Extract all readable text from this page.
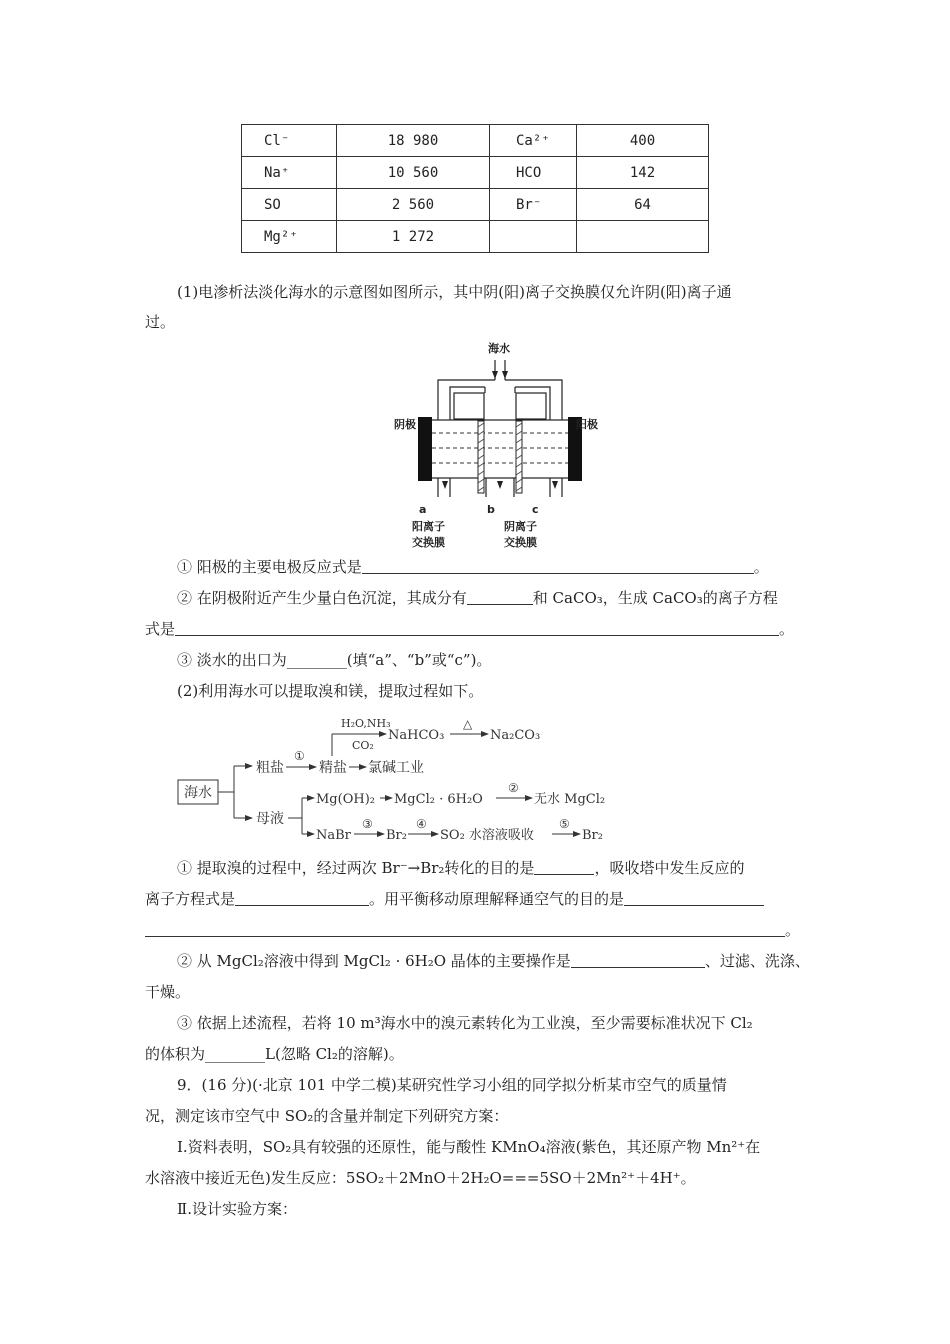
Cl⁻	18 980	Ca²⁺	400
Na⁺	10 560	HCO	142
SO	2 560	Br⁻	64
Mg²⁺	1 272		
(1)电渗析法淡化海水的示意图如图所示，其中阴(阳)离子交换膜仅允许阴(阳)离子通
过。
海水
阴极	阳极
a	b	c
阳离子
交换膜
阴离子
交换膜
① 阳极的主要电极反应式是	。
② 在阴极附近产生少量白色沉淀，其成分有	和 CaCO₃，生成 CaCO₃的离子方程
式是	。
③ 淡水的出口为________(填“a”、“b”或“c”)。
(2)利用海水可以提取溴和镁，提取过程如下。
海水
粗盐
①
精盐 氯碱工业
H₂O,NH₃
CO₂
NaHCO₃
△
Na₂CO₃
母液
Mg(OH)₂ MgCl₂ · 6H₂O
②
无水 MgCl₂
NaBr
③
Br₂
④
SO₂ 水溶液吸收
⑤
Br₂
① 提取溴的过程中，经过两次 Br⁻→Br₂转化的目的是	，吸收塔中发生反应的
离子方程式是	。用平衡移动原理解释通空气的目的是
。
② 从 MgCl₂溶液中得到 MgCl₂ · 6H₂O 晶体的主要操作是	、过滤、洗涤、
干燥。
③ 依据上述流程，若将 10 m³海水中的溴元素转化为工业溴，至少需要标准状况下 Cl₂
的体积为________L(忽略 Cl₂的溶解)。
9．(16 分)(·北京 101 中学二模)某研究性学习小组的同学拟分析某市空气的质量情
况，测定该市空气中 SO₂的含量并制定下列研究方案：
Ⅰ.资料表明，SO₂具有较强的还原性，能与酸性 KMnO₄溶液(紫色，其还原产物 Mn²⁺在
水溶液中接近无色)发生反应：5SO₂＋2MnO＋2H₂O===5SO＋2Mn²⁺＋4H⁺。
Ⅱ.设计实验方案：
